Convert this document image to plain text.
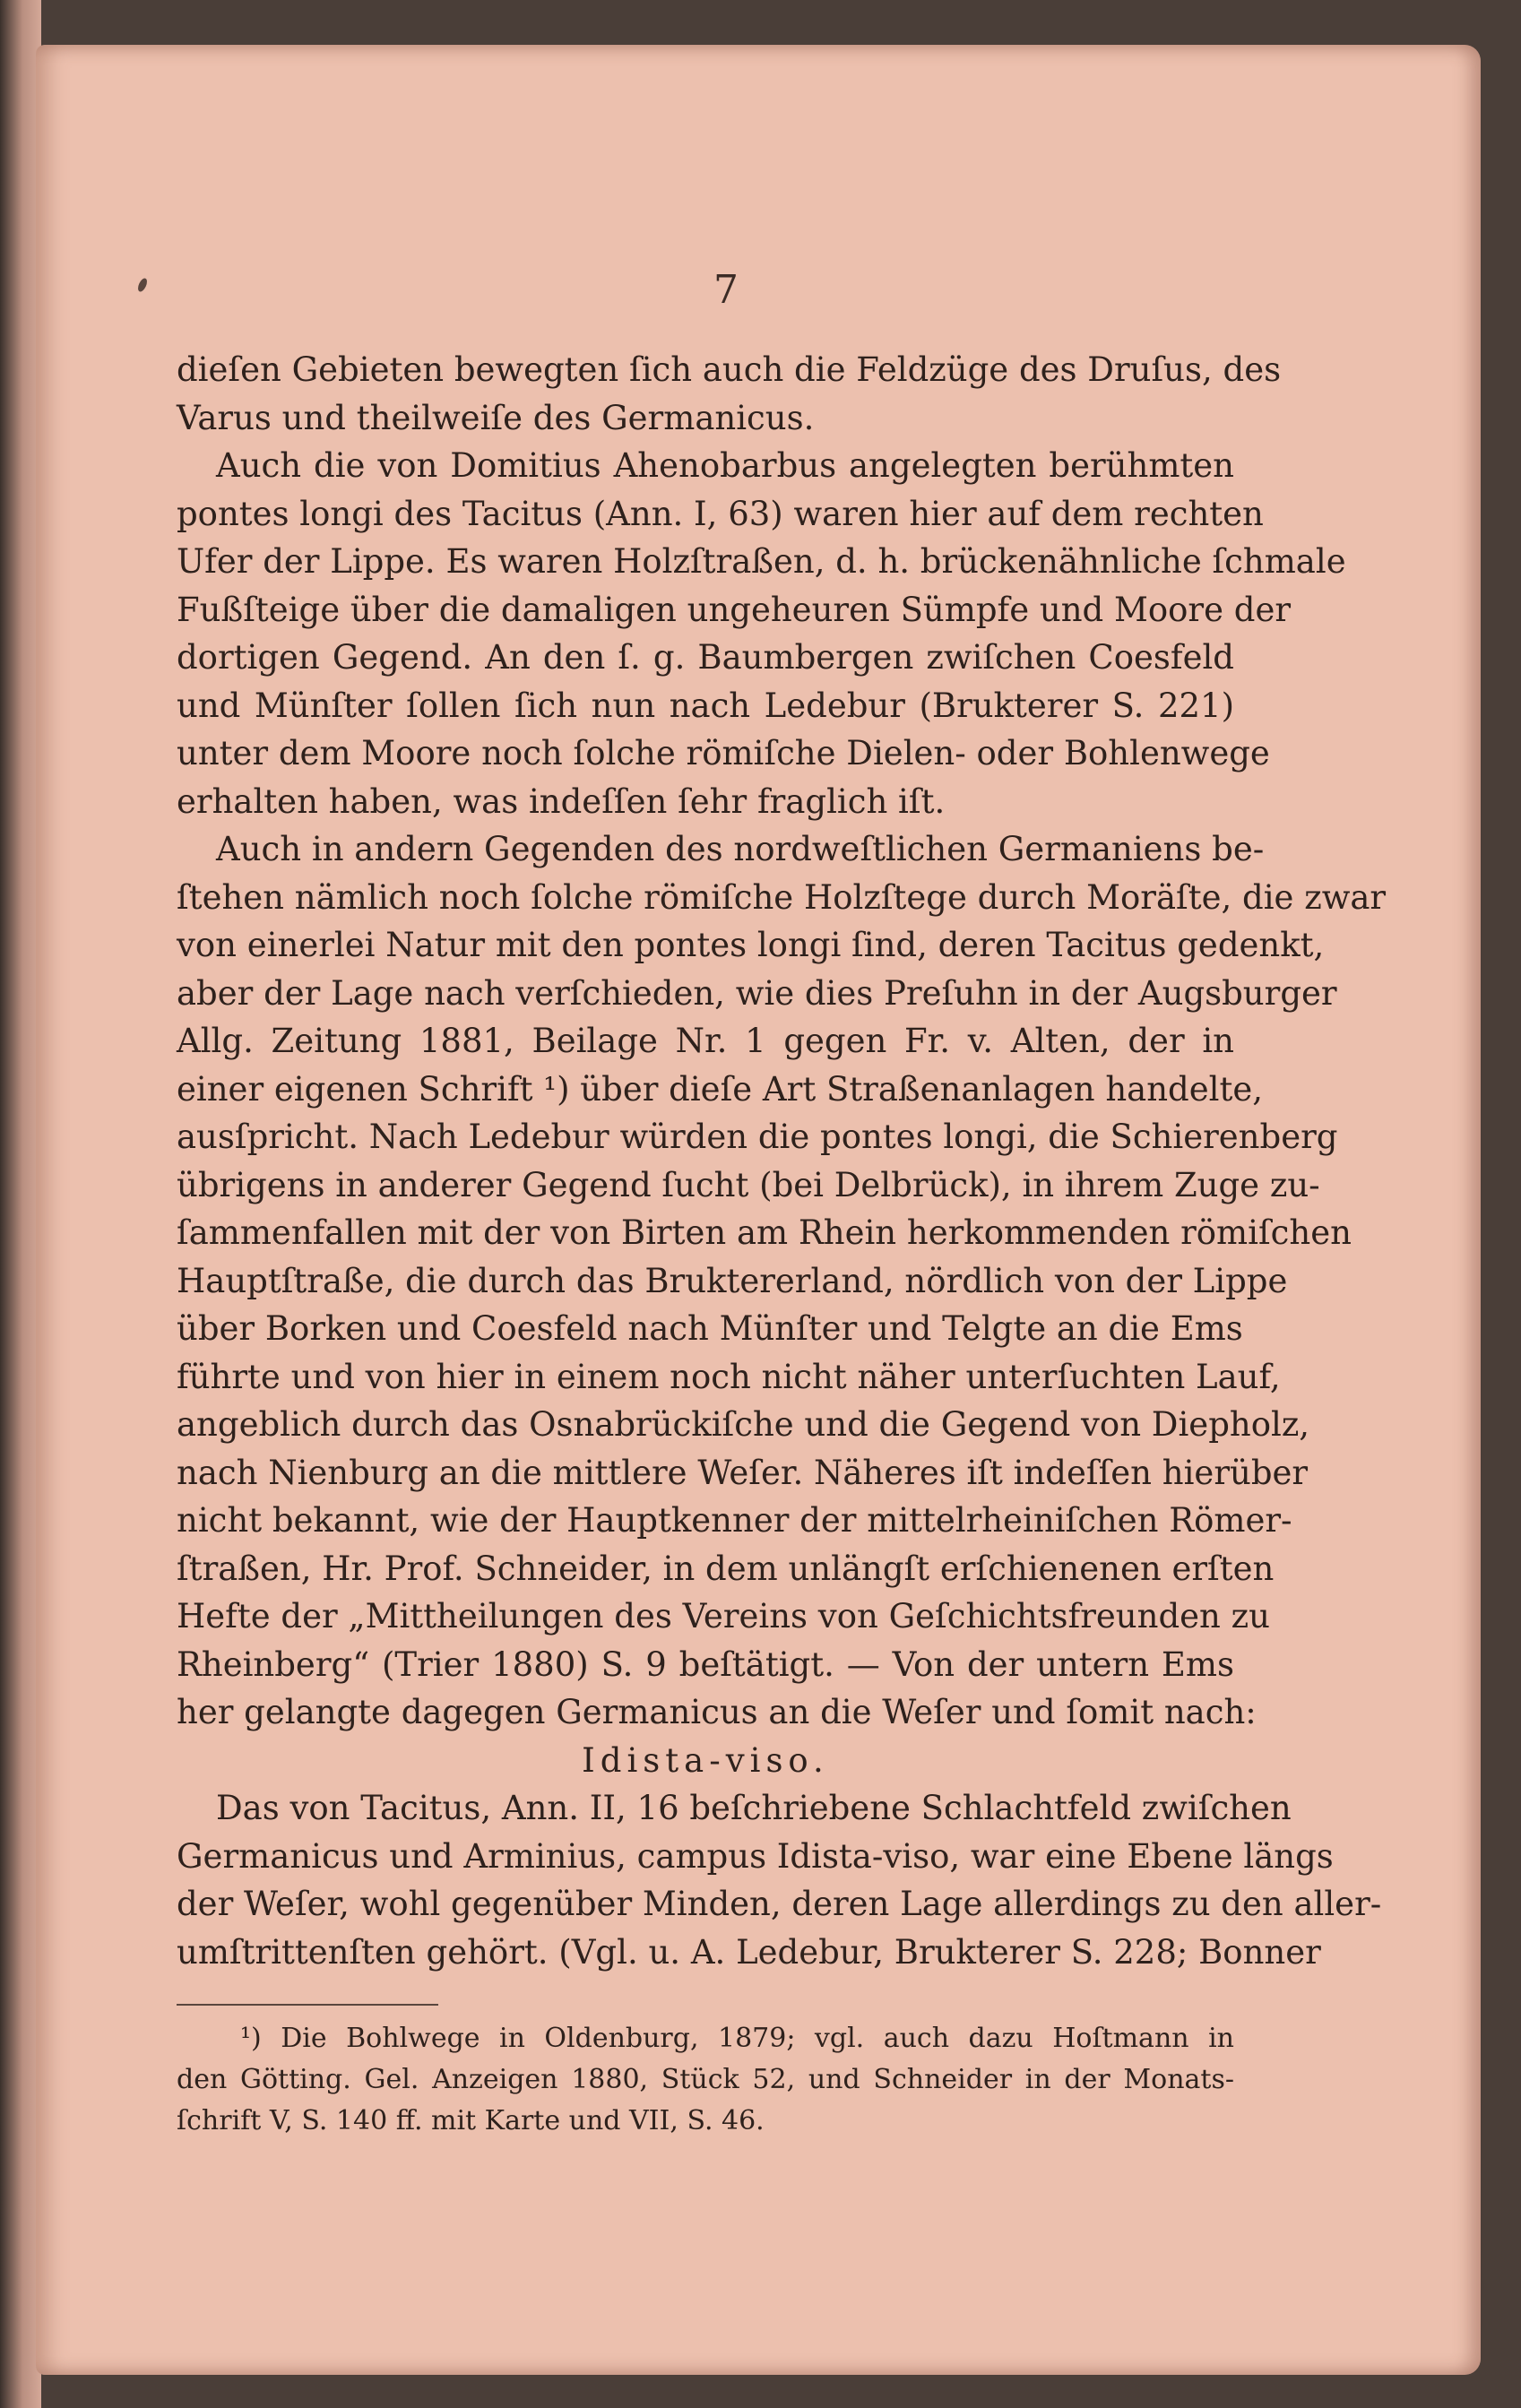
7
dieſen Gebieten bewegten ſich auch die Feldzüge des Druſus, des
Varus und theilweiſe des Germanicus.
Auch die von Domitius Ahenobarbus angelegten berühmten
pontes longi des Tacitus (Ann. I, 63) waren hier auf dem rechten
Ufer der Lippe. Es waren Holzſtraßen, d. h. brückenähnliche ſchmale
Fußſteige über die damaligen ungeheuren Sümpfe und Moore der
dortigen Gegend. An den ſ. g. Baumbergen zwiſchen Coesfeld
und Münſter ſollen ſich nun nach Ledebur (Brukterer S. 221)
unter dem Moore noch ſolche römiſche Dielen- oder Bohlenwege
erhalten haben, was indeſſen ſehr fraglich iſt.
Auch in andern Gegenden des nordweſtlichen Germaniens be-
ſtehen nämlich noch ſolche römiſche Holzſtege durch Moräſte, die zwar
von einerlei Natur mit den pontes longi ſind, deren Tacitus gedenkt,
aber der Lage nach verſchieden, wie dies Preſuhn in der Augsburger
Allg. Zeitung 1881, Beilage Nr. 1 gegen Fr. v. Alten, der in
einer eigenen Schrift ¹) über dieſe Art Straßenanlagen handelte,
ausſpricht. Nach Ledebur würden die pontes longi, die Schierenberg
übrigens in anderer Gegend ſucht (bei Delbrück), in ihrem Zuge zu-
ſammenfallen mit der von Birten am Rhein herkommenden römiſchen
Hauptſtraße, die durch das Bruktererland, nördlich von der Lippe
über Borken und Coesfeld nach Münſter und Telgte an die Ems
führte und von hier in einem noch nicht näher unterſuchten Lauf,
angeblich durch das Osnabrückiſche und die Gegend von Diepholz,
nach Nienburg an die mittlere Weſer. Näheres iſt indeſſen hierüber
nicht bekannt, wie der Hauptkenner der mittelrheiniſchen Römer-
ſtraßen, Hr. Prof. Schneider, in dem unlängſt erſchienenen erſten
Hefte der „Mittheilungen des Vereins von Geſchichtsfreunden zu
Rheinberg“ (Trier 1880) S. 9 beſtätigt. — Von der untern Ems
her gelangte dagegen Germanicus an die Weſer und ſomit nach:
Idista-viso.
Das von Tacitus, Ann. II, 16 beſchriebene Schlachtfeld zwiſchen
Germanicus und Arminius, campus Idista-viso, war eine Ebene längs
der Weſer, wohl gegenüber Minden, deren Lage allerdings zu den aller-
umſtrittenſten gehört. (Vgl. u. A. Ledebur, Brukterer S. 228; Bonner
¹) Die Bohlwege in Oldenburg, 1879; vgl. auch dazu Hoſtmann in
den Götting. Gel. Anzeigen 1880, Stück 52, und Schneider in der Monats-
ſchrift V, S. 140 ff. mit Karte und VII, S. 46.
